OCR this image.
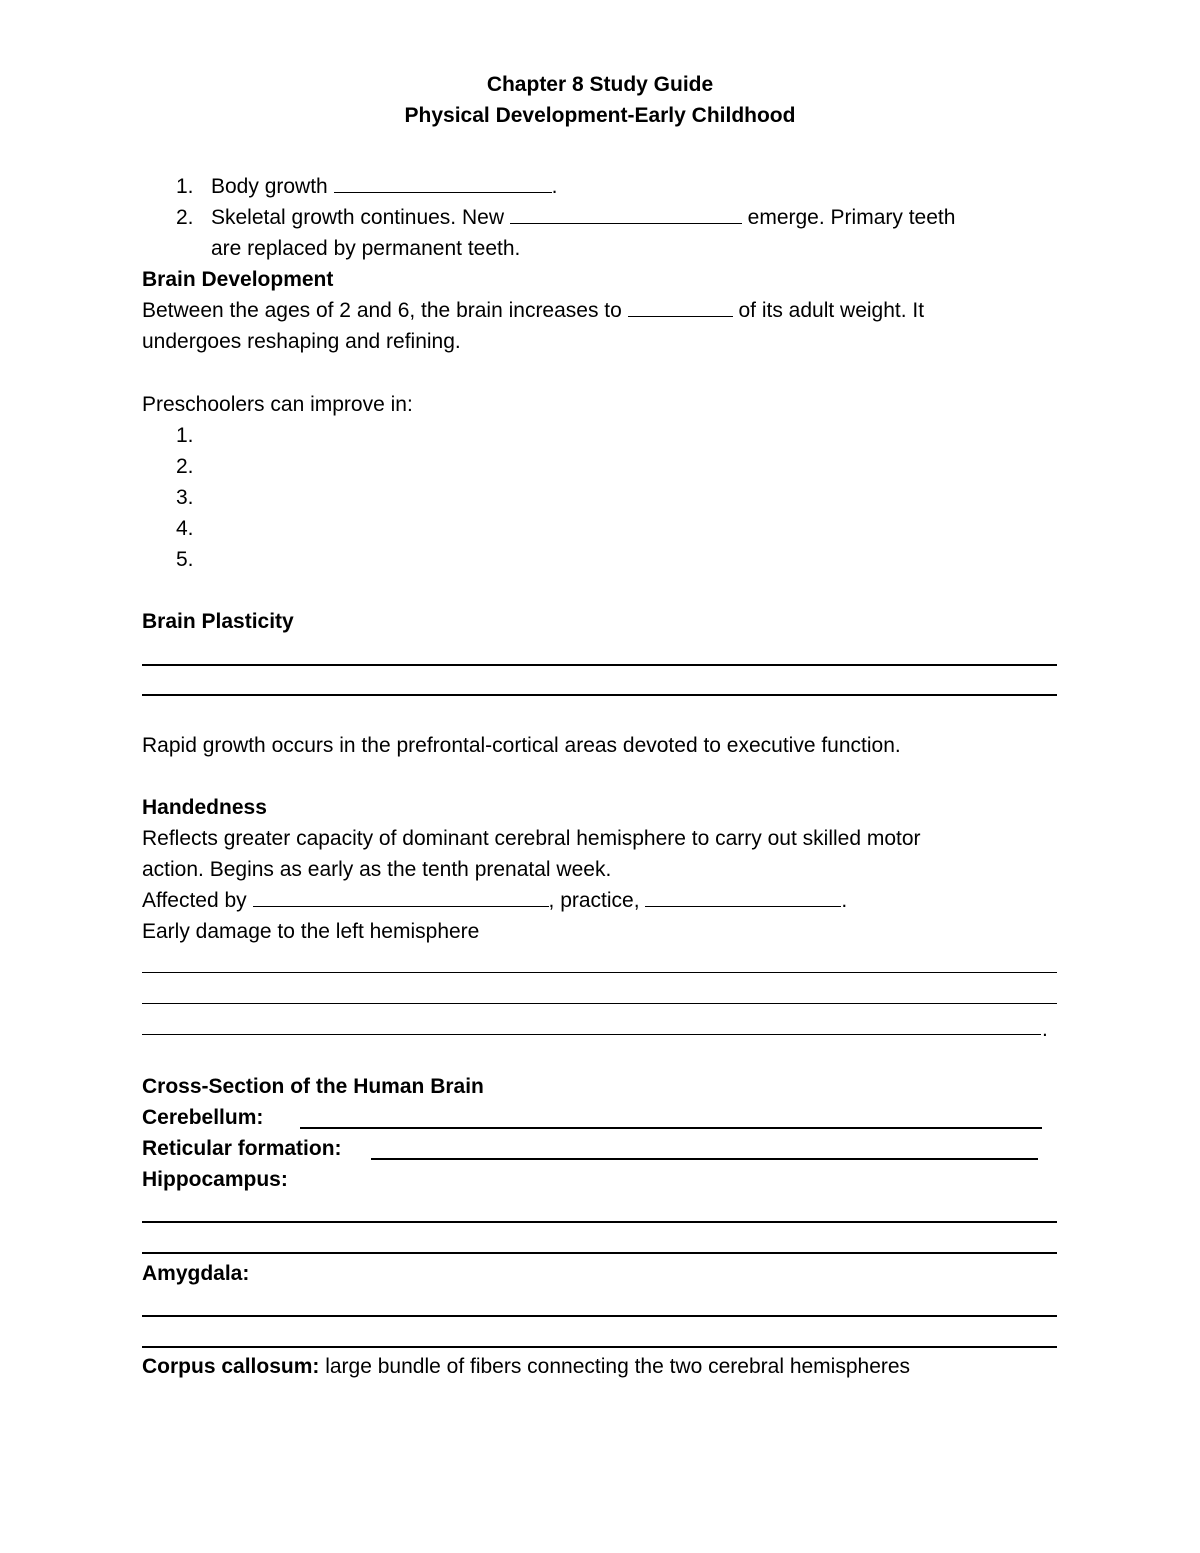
Chapter 8 Study Guide
Physical Development-Early Childhood
1. Body growth	.
2. Skeletal growth continues. New	emerge. Primary teeth
are replaced by permanent teeth.
Brain Development
Between the ages of 2 and 6, the brain increases to	of its adult weight. It
undergoes reshaping and refining.
Preschoolers can improve in:
1.
2.
3.
4.
5.
Brain Plasticity
Rapid growth occurs in the prefrontal-cortical areas devoted to executive function.
Handedness
Reflects greater capacity of dominant cerebral hemisphere to carry out skilled motor
action. Begins as early as the tenth prenatal week.
Affected by	, practice,	.
Early damage to the left hemisphere
.
Cross-Section of the Human Brain
Cerebellum:
Reticular formation:
Hippocampus:
Amygdala:
Corpus callosum: large bundle of fibers connecting the two cerebral hemispheres
